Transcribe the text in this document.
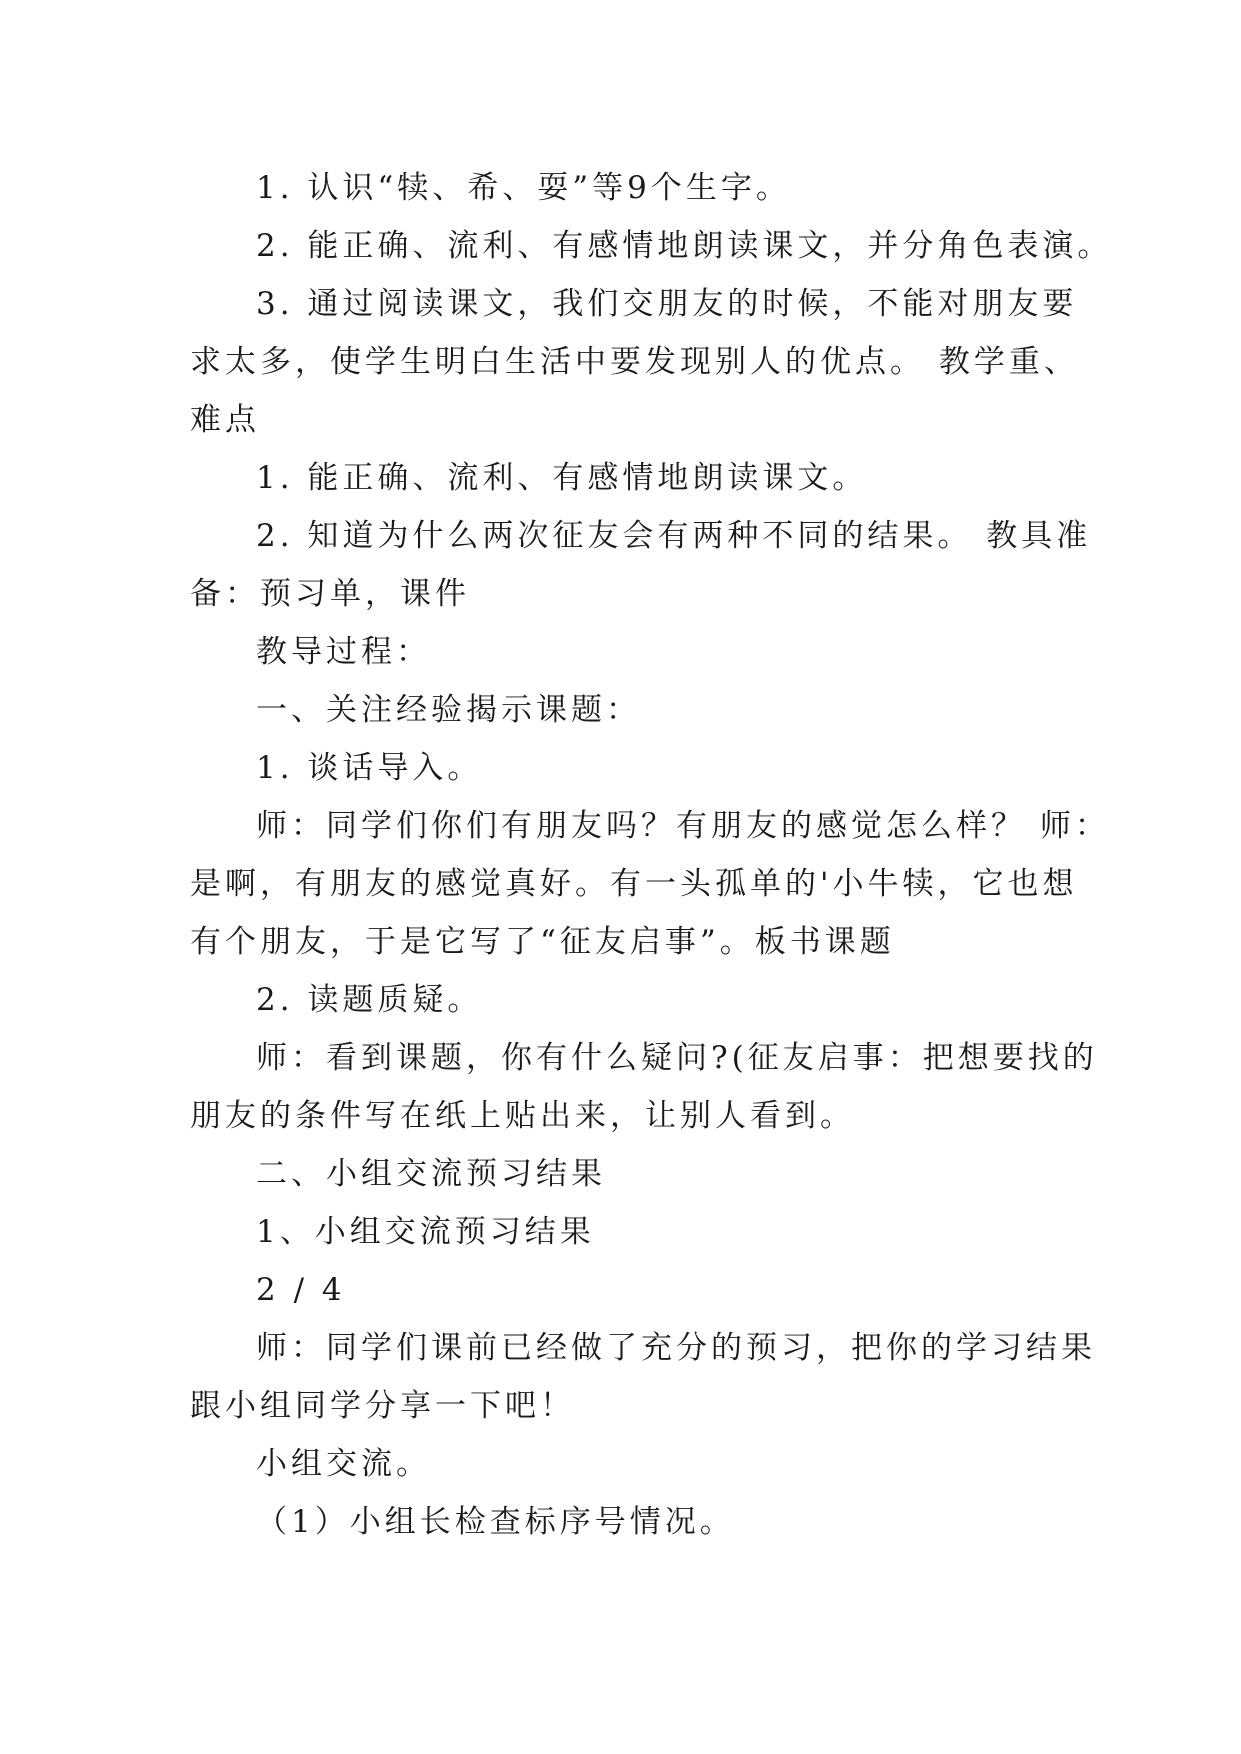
1. 认识“犊、希、耍”等9个生字。
2. 能正确、流利、有感情地朗读课文，并分角色表演。
3. 通过阅读课文，我们交朋友的时候，不能对朋友要
求太多，使学生明白生活中要发现别人的优点。 教学重、
难点
1. 能正确、流利、有感情地朗读课文。
2. 知道为什么两次征友会有两种不同的结果。 教具准
备：预习单，课件
教导过程：
一、关注经验揭示课题：
1. 谈话导入。
师：同学们你们有朋友吗？有朋友的感觉怎么样？ 师：
是啊，有朋友的感觉真好。有一头孤单的'小牛犊，它也想
有个朋友，于是它写了“征友启事”。板书课题
2. 读题质疑。
师：看到课题，你有什么疑问?(征友启事：把想要找的
朋友的条件写在纸上贴出来，让别人看到。
二、小组交流预习结果
1、小组交流预习结果
2 / 4
师：同学们课前已经做了充分的预习，把你的学习结果
跟小组同学分享一下吧！
小组交流。
（1）小组长检查标序号情况。
